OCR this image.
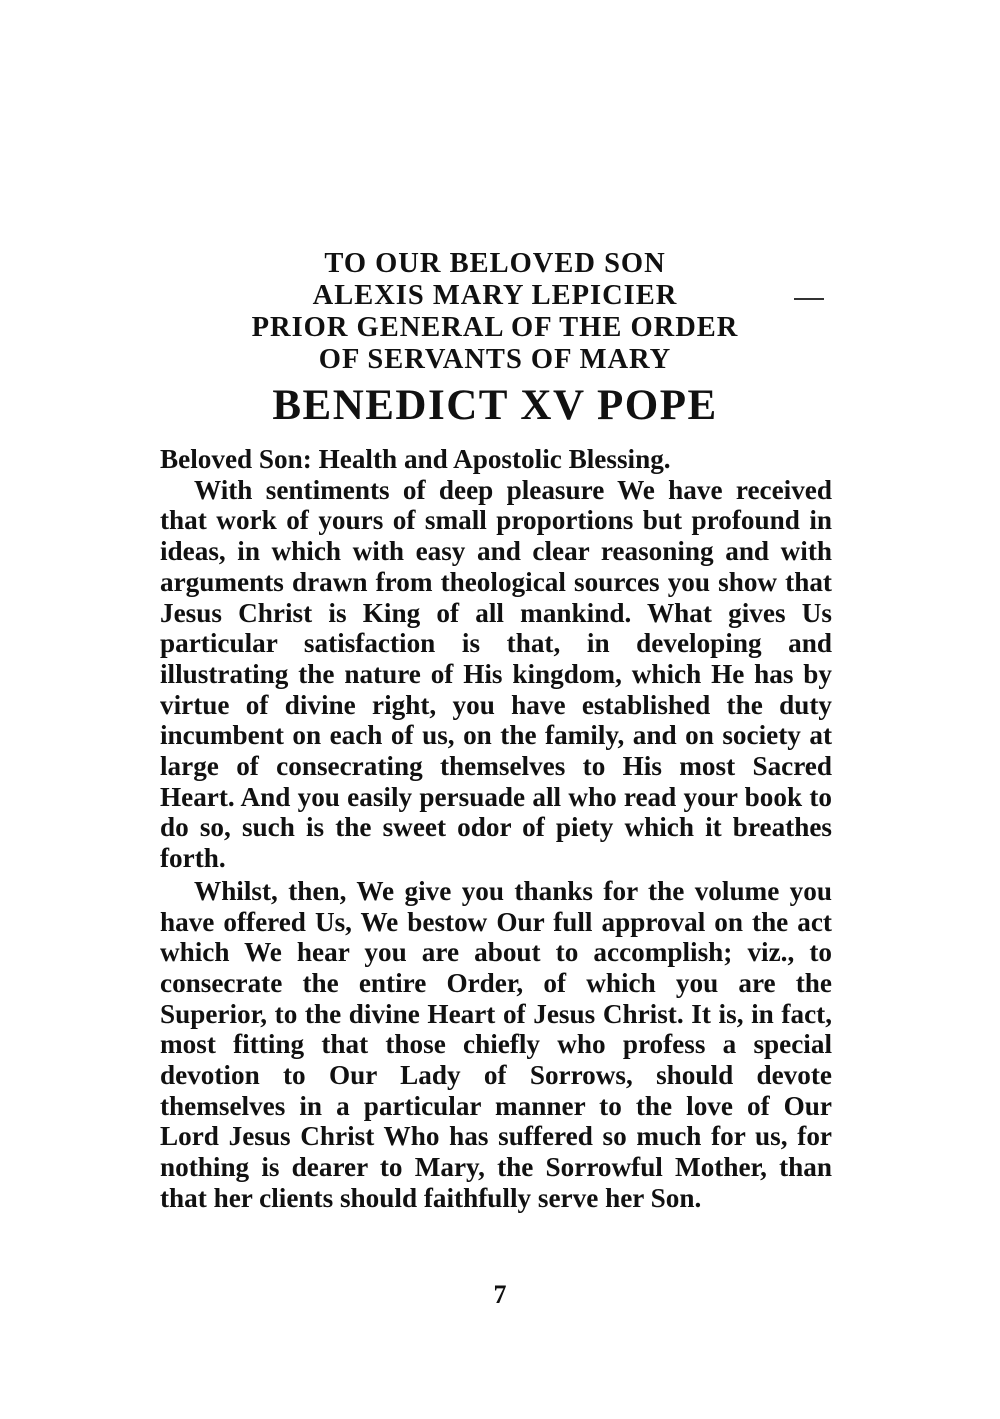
TO OUR BELOVED SON
ALEXIS MARY LEPICIER
PRIOR GENERAL OF THE ORDER
OF SERVANTS OF MARY
BENEDICT XV POPE

Beloved Son: Health and Apostolic Blessing.

With sentiments of deep pleasure We have received that work of yours of small proportions but profound in ideas, in which with easy and clear reasoning and with arguments drawn from theological sources you show that Jesus Christ is King of all mankind. What gives Us particular satisfaction is that, in developing and illustrating the nature of His kingdom, which He has by virtue of divine right, you have established the duty incumbent on each of us, on the family, and on society at large of consecrating themselves to His most Sacred Heart. And you easily persuade all who read your book to do so, such is the sweet odor of piety which it breathes forth.

Whilst, then, We give you thanks for the volume you have offered Us, We bestow Our full approval on the act which We hear you are about to accomplish; viz., to consecrate the entire Order, of which you are the Superior, to the divine Heart of Jesus Christ. It is, in fact, most fitting that those chiefly who profess a special devotion to Our Lady of Sorrows, should devote themselves in a particular manner to the love of Our Lord Jesus Christ Who has suffered so much for us, for nothing is dearer to Mary, the Sorrowful Mother, than that her clients should faithfully serve her Son.

7
